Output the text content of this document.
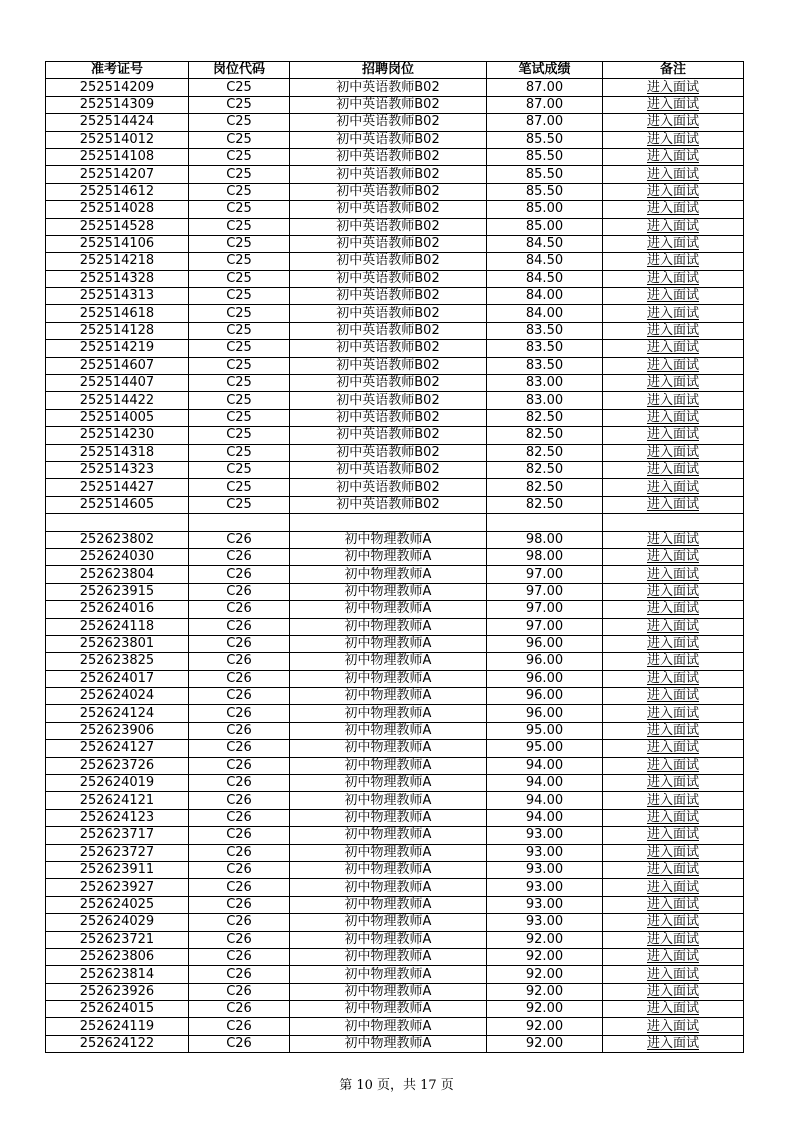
准考证号	岗位代码	招聘岗位	笔试成绩	备注
252514209	C25	初中英语教师B02	87.00	进入面试
252514309	C25	初中英语教师B02	87.00	进入面试
252514424	C25	初中英语教师B02	87.00	进入面试
252514012	C25	初中英语教师B02	85.50	进入面试
252514108	C25	初中英语教师B02	85.50	进入面试
252514207	C25	初中英语教师B02	85.50	进入面试
252514612	C25	初中英语教师B02	85.50	进入面试
252514028	C25	初中英语教师B02	85.00	进入面试
252514528	C25	初中英语教师B02	85.00	进入面试
252514106	C25	初中英语教师B02	84.50	进入面试
252514218	C25	初中英语教师B02	84.50	进入面试
252514328	C25	初中英语教师B02	84.50	进入面试
252514313	C25	初中英语教师B02	84.00	进入面试
252514618	C25	初中英语教师B02	84.00	进入面试
252514128	C25	初中英语教师B02	83.50	进入面试
252514219	C25	初中英语教师B02	83.50	进入面试
252514607	C25	初中英语教师B02	83.50	进入面试
252514407	C25	初中英语教师B02	83.00	进入面试
252514422	C25	初中英语教师B02	83.00	进入面试
252514005	C25	初中英语教师B02	82.50	进入面试
252514230	C25	初中英语教师B02	82.50	进入面试
252514318	C25	初中英语教师B02	82.50	进入面试
252514323	C25	初中英语教师B02	82.50	进入面试
252514427	C25	初中英语教师B02	82.50	进入面试
252514605	C25	初中英语教师B02	82.50	进入面试

252623802	C26	初中物理教师A	98.00	进入面试
252624030	C26	初中物理教师A	98.00	进入面试
252623804	C26	初中物理教师A	97.00	进入面试
252623915	C26	初中物理教师A	97.00	进入面试
252624016	C26	初中物理教师A	97.00	进入面试
252624118	C26	初中物理教师A	97.00	进入面试
252623801	C26	初中物理教师A	96.00	进入面试
252623825	C26	初中物理教师A	96.00	进入面试
252624017	C26	初中物理教师A	96.00	进入面试
252624024	C26	初中物理教师A	96.00	进入面试
252624124	C26	初中物理教师A	96.00	进入面试
252623906	C26	初中物理教师A	95.00	进入面试
252624127	C26	初中物理教师A	95.00	进入面试
252623726	C26	初中物理教师A	94.00	进入面试
252624019	C26	初中物理教师A	94.00	进入面试
252624121	C26	初中物理教师A	94.00	进入面试
252624123	C26	初中物理教师A	94.00	进入面试
252623717	C26	初中物理教师A	93.00	进入面试
252623727	C26	初中物理教师A	93.00	进入面试
252623911	C26	初中物理教师A	93.00	进入面试
252623927	C26	初中物理教师A	93.00	进入面试
252624025	C26	初中物理教师A	93.00	进入面试
252624029	C26	初中物理教师A	93.00	进入面试
252623721	C26	初中物理教师A	92.00	进入面试
252623806	C26	初中物理教师A	92.00	进入面试
252623814	C26	初中物理教师A	92.00	进入面试
252623926	C26	初中物理教师A	92.00	进入面试
252624015	C26	初中物理教师A	92.00	进入面试
252624119	C26	初中物理教师A	92.00	进入面试
252624122	C26	初中物理教师A	92.00	进入面试
第 10 页，共 17 页
